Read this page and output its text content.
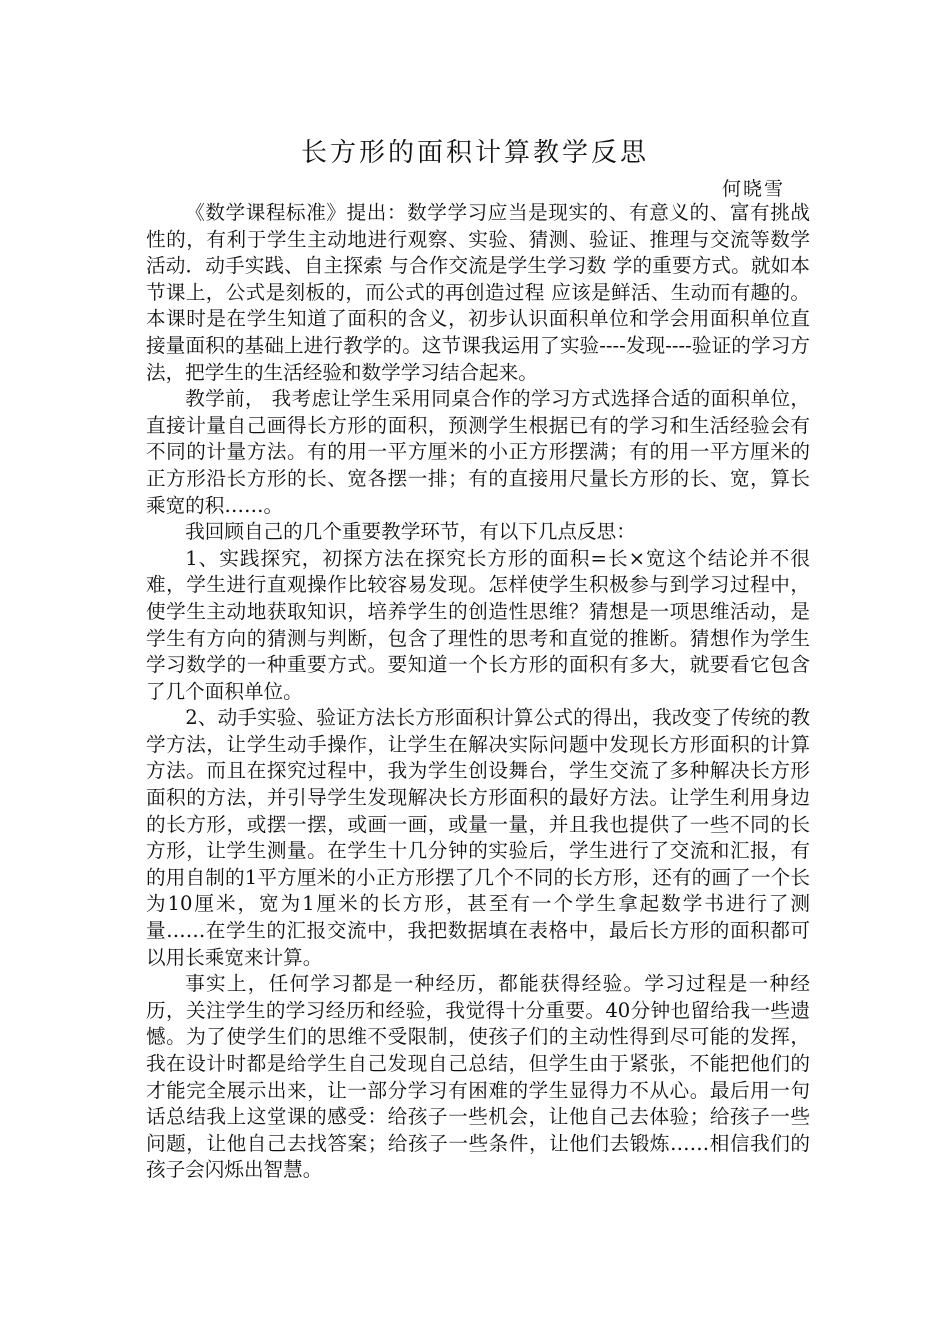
长方形的面积计算教学反思
何晓雪

《数学课程标准》提出：数学学习应当是现实的、有意义的、富有挑战性的，有利于学生主动地进行观察、实验、猜测、验证、推理与交流等数学活动．动手实践、自主探索 与合作交流是学生学习数 学的重要方式。就如本节课上，公式是刻板的，而公式的再创造过程 应该是鲜活、生动而有趣的。 本课时是在学生知道了面积的含义，初步认识面积单位和学会用面积单位直接量面积的基础上进行教学的。这节课我运用了实验----发现----验证的学习方法，把学生的生活经验和数学学习结合起来。

教学前， 我考虑让学生采用同桌合作的学习方式选择合适的面积单位，直接计量自己画得长方形的面积，预测学生根据已有的学习和生活经验会有不同的计量方法。有的用一平方厘米的小正方形摆满；有的用一平方厘米的正方形沿长方形的长、宽各摆一排；有的直接用尺量长方形的长、宽，算长乘宽的积……。

我回顾自己的几个重要教学环节，有以下几点反思：

1、实践探究，初探方法在探究长方形的面积=长×宽这个结论并不很难，学生进行直观操作比较容易发现。怎样使学生积极参与到学习过程中，使学生主动地获取知识，培养学生的创造性思维？猜想是一项思维活动，是学生有方向的猜测与判断，包含了理性的思考和直觉的推断。猜想作为学生学习数学的一种重要方式。要知道一个长方形的面积有多大，就要看它包含了几个面积单位。

2、动手实验、验证方法长方形面积计算公式的得出，我改变了传统的教学方法，让学生动手操作，让学生在解决实际问题中发现长方形面积的计算方法。而且在探究过程中，我为学生创设舞台，学生交流了多种解决长方形面积的方法，并引导学生发现解决长方形面积的最好方法。让学生利用身边的长方形，或摆一摆，或画一画，或量一量，并且我也提供了一些不同的长方形，让学生测量。在学生十几分钟的实验后，学生进行了交流和汇报，有的用自制的1平方厘米的小正方形摆了几个不同的长方形，还有的画了一个长为10厘米，宽为1厘米的长方形，甚至有一个学生拿起数学书进行了测量……在学生的汇报交流中，我把数据填在表格中，最后长方形的面积都可以用长乘宽来计算。

事实上，任何学习都是一种经历，都能获得经验。学习过程是一种经历，关注学生的学习经历和经验，我觉得十分重要。40分钟也留给我一些遗憾。为了使学生们的思维不受限制，使孩子们的主动性得到尽可能的发挥，我在设计时都是给学生自己发现自己总结，但学生由于紧张，不能把他们的才能完全展示出来，让一部分学习有困难的学生显得力不从心。最后用一句话总结我上这堂课的感受：给孩子一些机会，让他自己去体验；给孩子一些问题，让他自己去找答案；给孩子一些条件，让他们去锻炼……相信我们的孩子会闪烁出智慧。
